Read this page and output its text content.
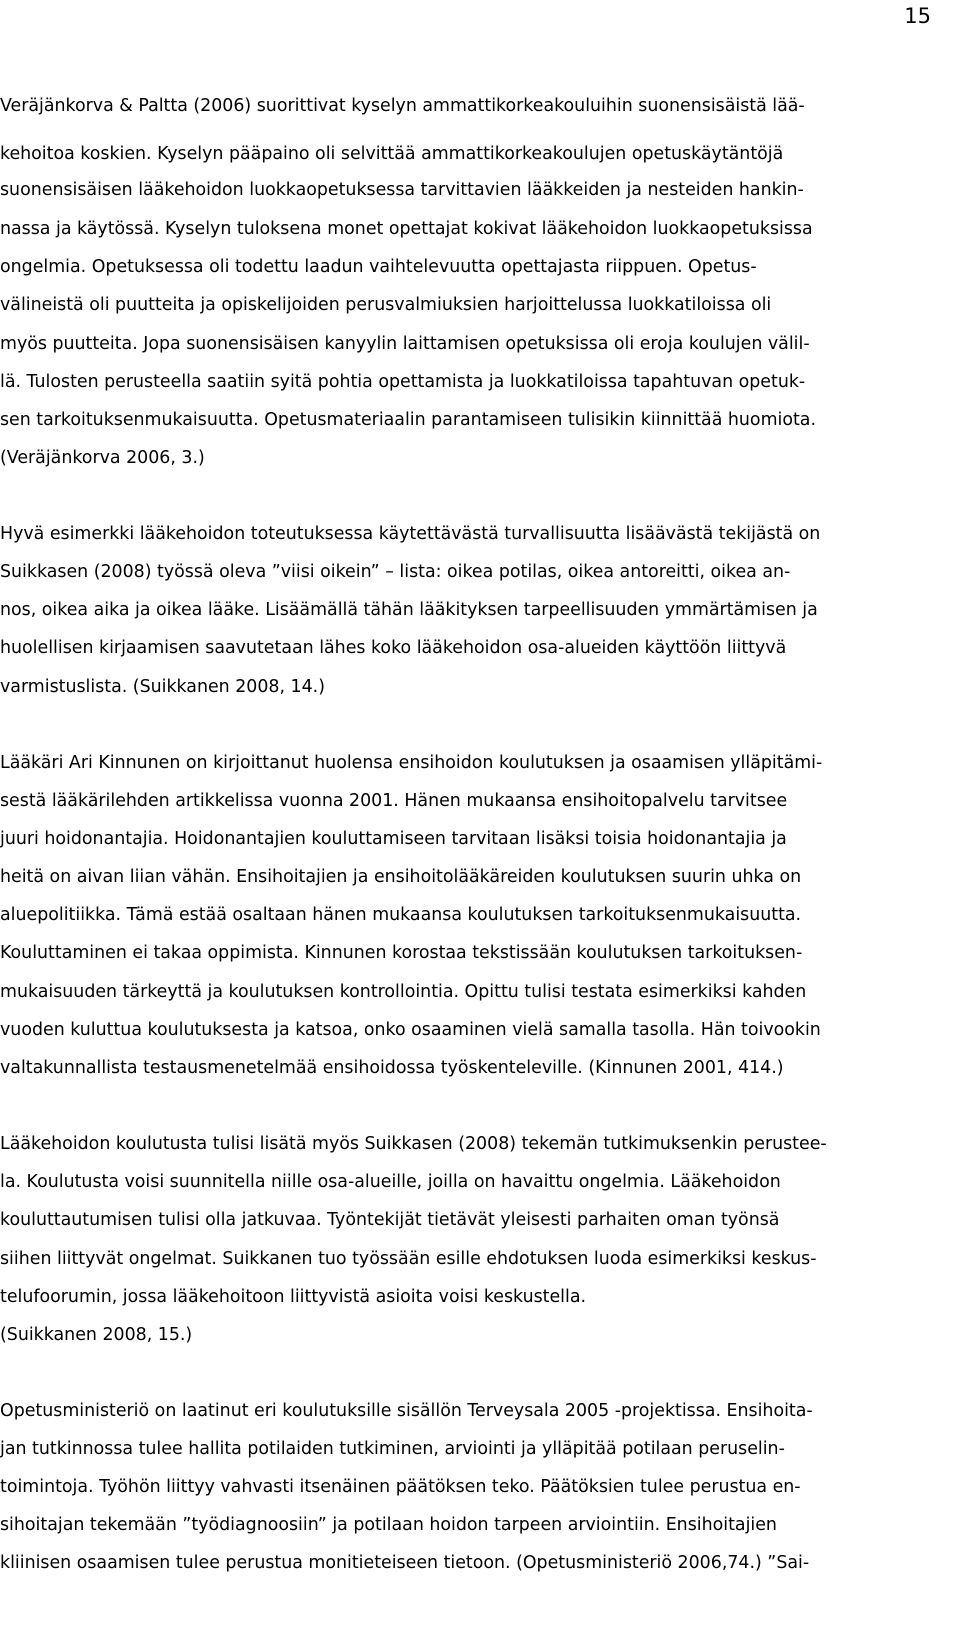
15
Veräjänkorva & Paltta (2006) suorittivat kyselyn ammattikorkeakouluihin suonensisäistä lää-
kehoitoa koskien. Kyselyn pääpaino oli selvittää ammattikorkeakoulujen opetuskäytäntöjä
suonensisäisen lääkehoidon luokkaopetuksessa tarvittavien lääkkeiden ja nesteiden hankin-
nassa ja käytössä. Kyselyn tuloksena monet opettajat kokivat lääkehoidon luokkaopetuksissa
ongelmia. Opetuksessa oli todettu laadun vaihtelevuutta opettajasta riippuen. Opetus-
välineistä oli puutteita ja opiskelijoiden perusvalmiuksien harjoittelussa luokkatiloissa oli
myös puutteita. Jopa suonensisäisen kanyylin laittamisen opetuksissa oli eroja koulujen välil-
lä. Tulosten perusteella saatiin syitä pohtia opettamista ja luokkatiloissa tapahtuvan opetuk-
sen tarkoituksenmukaisuutta. Opetusmateriaalin parantamiseen tulisikin kiinnittää huomiota.
(Veräjänkorva 2006, 3.)
Hyvä esimerkki lääkehoidon toteutuksessa käytettävästä turvallisuutta lisäävästä tekijästä on
Suikkasen (2008) työssä oleva ”viisi oikein” – lista: oikea potilas, oikea antoreitti, oikea an-
nos, oikea aika ja oikea lääke. Lisäämällä tähän lääkityksen tarpeellisuuden ymmärtämisen ja
huolellisen kirjaamisen saavutetaan lähes koko lääkehoidon osa-alueiden käyttöön liittyvä
varmistuslista. (Suikkanen 2008, 14.)
Lääkäri Ari Kinnunen on kirjoittanut huolensa ensihoidon koulutuksen ja osaamisen ylläpitämi-
sestä lääkärilehden artikkelissa vuonna 2001. Hänen mukaansa ensihoitopalvelu tarvitsee
juuri hoidonantajia. Hoidonantajien kouluttamiseen tarvitaan lisäksi toisia hoidonantajia ja
heitä on aivan liian vähän. Ensihoitajien ja ensihoitolääkäreiden koulutuksen suurin uhka on
aluepolitiikka. Tämä estää osaltaan hänen mukaansa koulutuksen tarkoituksenmukaisuutta.
Kouluttaminen ei takaa oppimista. Kinnunen korostaa tekstissään koulutuksen tarkoituksen-
mukaisuuden tärkeyttä ja koulutuksen kontrollointia. Opittu tulisi testata esimerkiksi kahden
vuoden kuluttua koulutuksesta ja katsoa, onko osaaminen vielä samalla tasolla. Hän toivookin
valtakunnallista testausmenetelmää ensihoidossa työskenteleville. (Kinnunen 2001, 414.)
Lääkehoidon koulutusta tulisi lisätä myös Suikkasen (2008) tekemän tutkimuksenkin perustee-
la. Koulutusta voisi suunnitella niille osa-alueille, joilla on havaittu ongelmia. Lääkehoidon
kouluttautumisen tulisi olla jatkuvaa. Työntekijät tietävät yleisesti parhaiten oman työnsä
siihen liittyvät ongelmat. Suikkanen tuo työssään esille ehdotuksen luoda esimerkiksi keskus-
telufoorumin, jossa lääkehoitoon liittyvistä asioita voisi keskustella.
(Suikkanen 2008, 15.)
Opetusministeriö on laatinut eri koulutuksille sisällön Terveysala 2005 -projektissa. Ensihoita-
jan tutkinnossa tulee hallita potilaiden tutkiminen, arviointi ja ylläpitää potilaan peruselin-
toimintoja. Työhön liittyy vahvasti itsenäinen päätöksen teko. Päätöksien tulee perustua en-
sihoitajan tekemään ”työdiagnoosiin” ja potilaan hoidon tarpeen arviointiin. Ensihoitajien
kliinisen osaamisen tulee perustua monitieteiseen tietoon. (Opetusministeriö 2006,74.) ”Sai-
